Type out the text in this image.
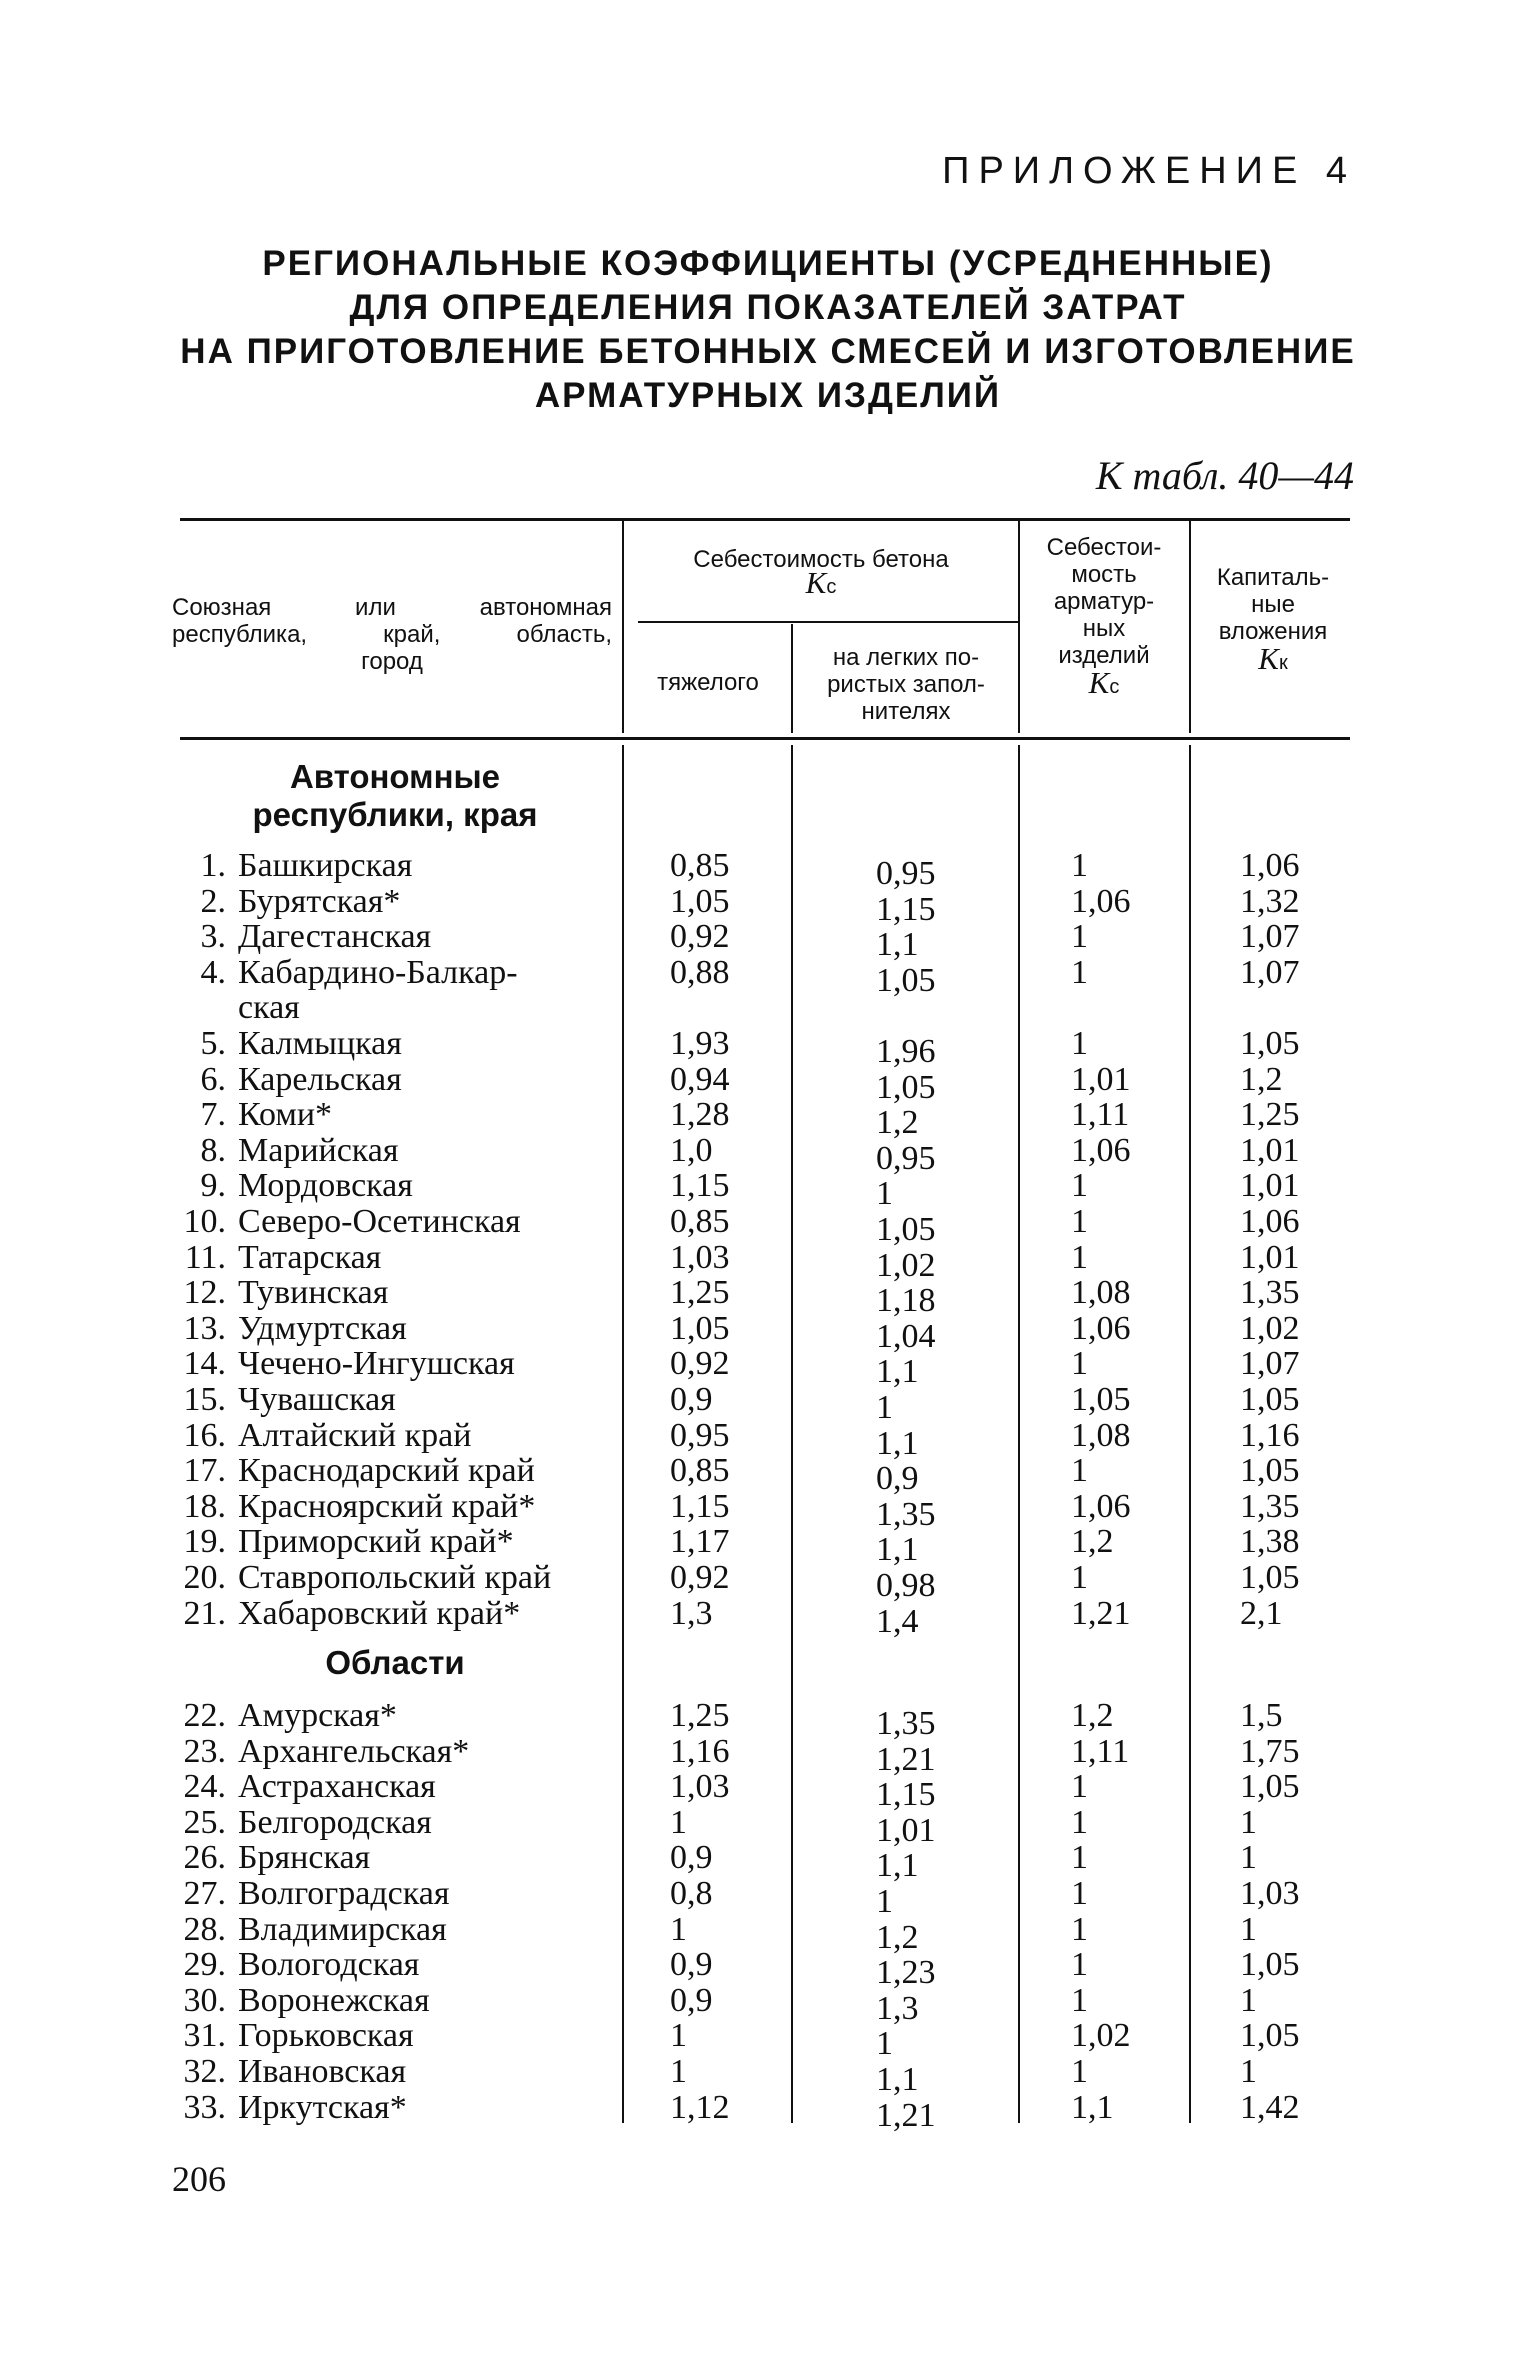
ПРИЛОЖЕНИЕ 4
РЕГИОНАЛЬНЫЕ КОЭФФИЦИЕНТЫ (УСРЕДНЕННЫЕ)
ДЛЯ ОПРЕДЕЛЕНИЯ ПОКАЗАТЕЛЕЙ ЗАТРАТ
НА ПРИГОТОВЛЕНИЕ БЕТОННЫХ СМЕСЕЙ И ИЗГОТОВЛЕНИЕ
АРМАТУРНЫХ ИЗДЕЛИЙ
К табл. 40—44
Союзная или автономная
республика, край, область,
город
Себестоимость бетона
Kс
тяжелого
на легких по-
ристых запол-
нителях
Себестои-
мость
арматур-
ных
изделий
Kс
Капиталь-
ные
вложения
Kк
Автономные
республики, края
1. Башкирская	0,85	0,95	1	1,06
2. Бурятская*	1,05	1,15	1,06	1,32
3. Дагестанская	0,92	1,1	1	1,07
4. Кабардино-Балкар-	0,88	1,05	1	1,07
ская
5. Калмыцкая	1,93	1,96	1	1,05
6. Карельская	0,94	1,05	1,01	1,2
7. Коми*	1,28	1,2	1,11	1,25
8. Марийская	1,0	0,95	1,06	1,01
9. Мордовская	1,15	1	1	1,01
10. Северо-Осетинская	0,85	1,05	1	1,06
11. Татарская	1,03	1,02	1	1,01
12. Тувинская	1,25	1,18	1,08	1,35
13. Удмуртская	1,05	1,04	1,06	1,02
14. Чечено-Ингушская	0,92	1,1	1	1,07
15. Чувашская	0,9	1	1,05	1,05
16. Алтайский край	0,95	1,1	1,08	1,16
17. Краснодарский край	0,85	0,9	1	1,05
18. Красноярский край*	1,15	1,35	1,06	1,35
19. Приморский край*	1,17	1,1	1,2	1,38
20. Ставропольский край	0,92	0,98	1	1,05
21. Хабаровский край*	1,3	1,4	1,21	2,1
Области
22. Амурская*	1,25	1,35	1,2	1,5
23. Архангельская*	1,16	1,21	1,11	1,75
24. Астраханская	1,03	1,15	1	1,05
25. Белгородская	1	1,01	1	1
26. Брянская	0,9	1,1	1	1
27. Волгоградская	0,8	1	1	1,03
28. Владимирская	1	1,2	1	1
29. Вологодская	0,9	1,23	1	1,05
30. Воронежская	0,9	1,3	1	1
31. Горьковская	1	1	1,02	1,05
32. Ивановская	1	1,1	1	1
33. Иркутская*	1,12	1,21	1,1	1,42
206
